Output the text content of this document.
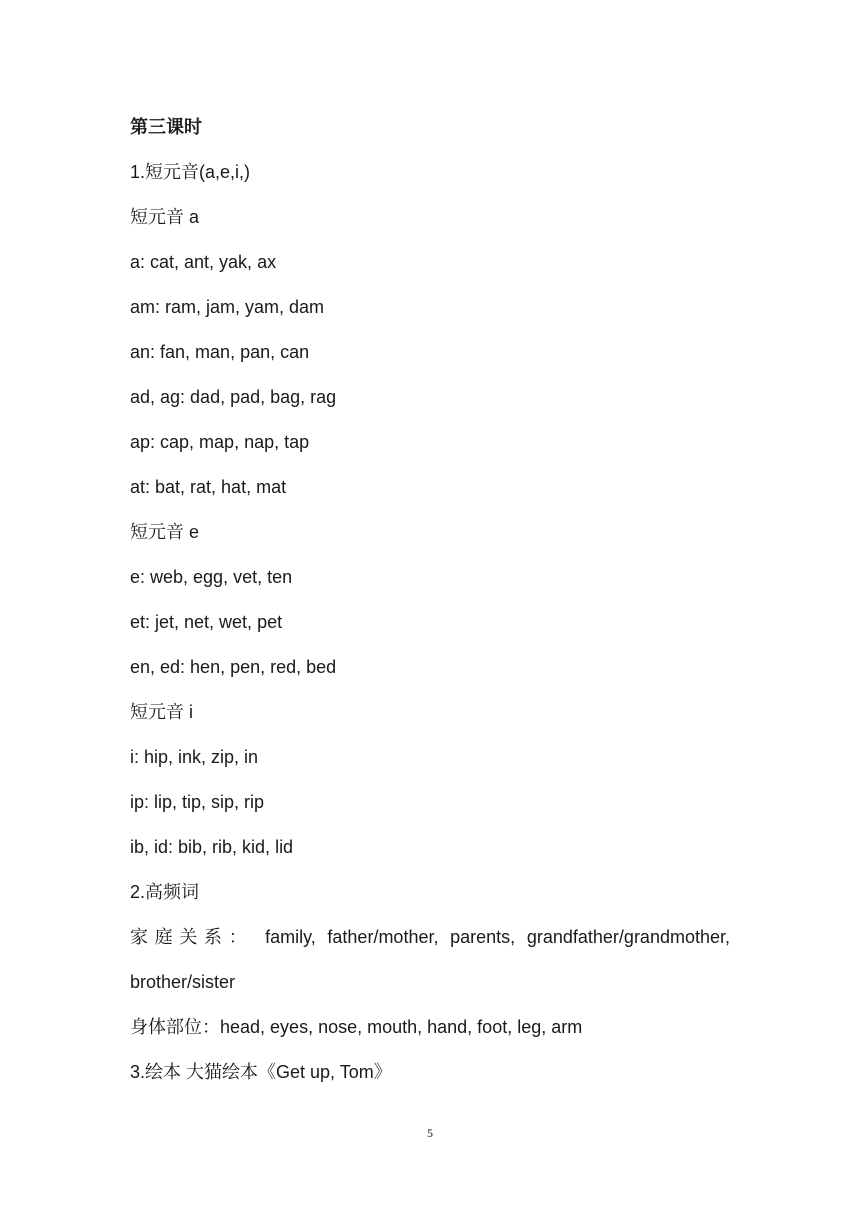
第三课时
1.短元音(a,e,i,)
短元音 a
a: cat, ant, yak, ax
am: ram, jam, yam, dam
an: fan, man, pan, can
ad, ag: dad, pad, bag, rag
ap: cap, map, nap, tap
at: bat, rat, hat, mat
短元音 e
e: web, egg, vet, ten
et: jet, net, wet, pet
en, ed: hen, pen, red, bed
短元音 i
i: hip, ink, zip, in
ip: lip, tip, sip, rip
ib, id: bib, rib, kid, lid
2.高频词
家庭关系： family, father/mother, parents, grandfather/grandmother,
brother/sister
身体部位：head, eyes, nose, mouth, hand, foot, leg, arm
3.绘本 大猫绘本《Get up, Tom》
5
